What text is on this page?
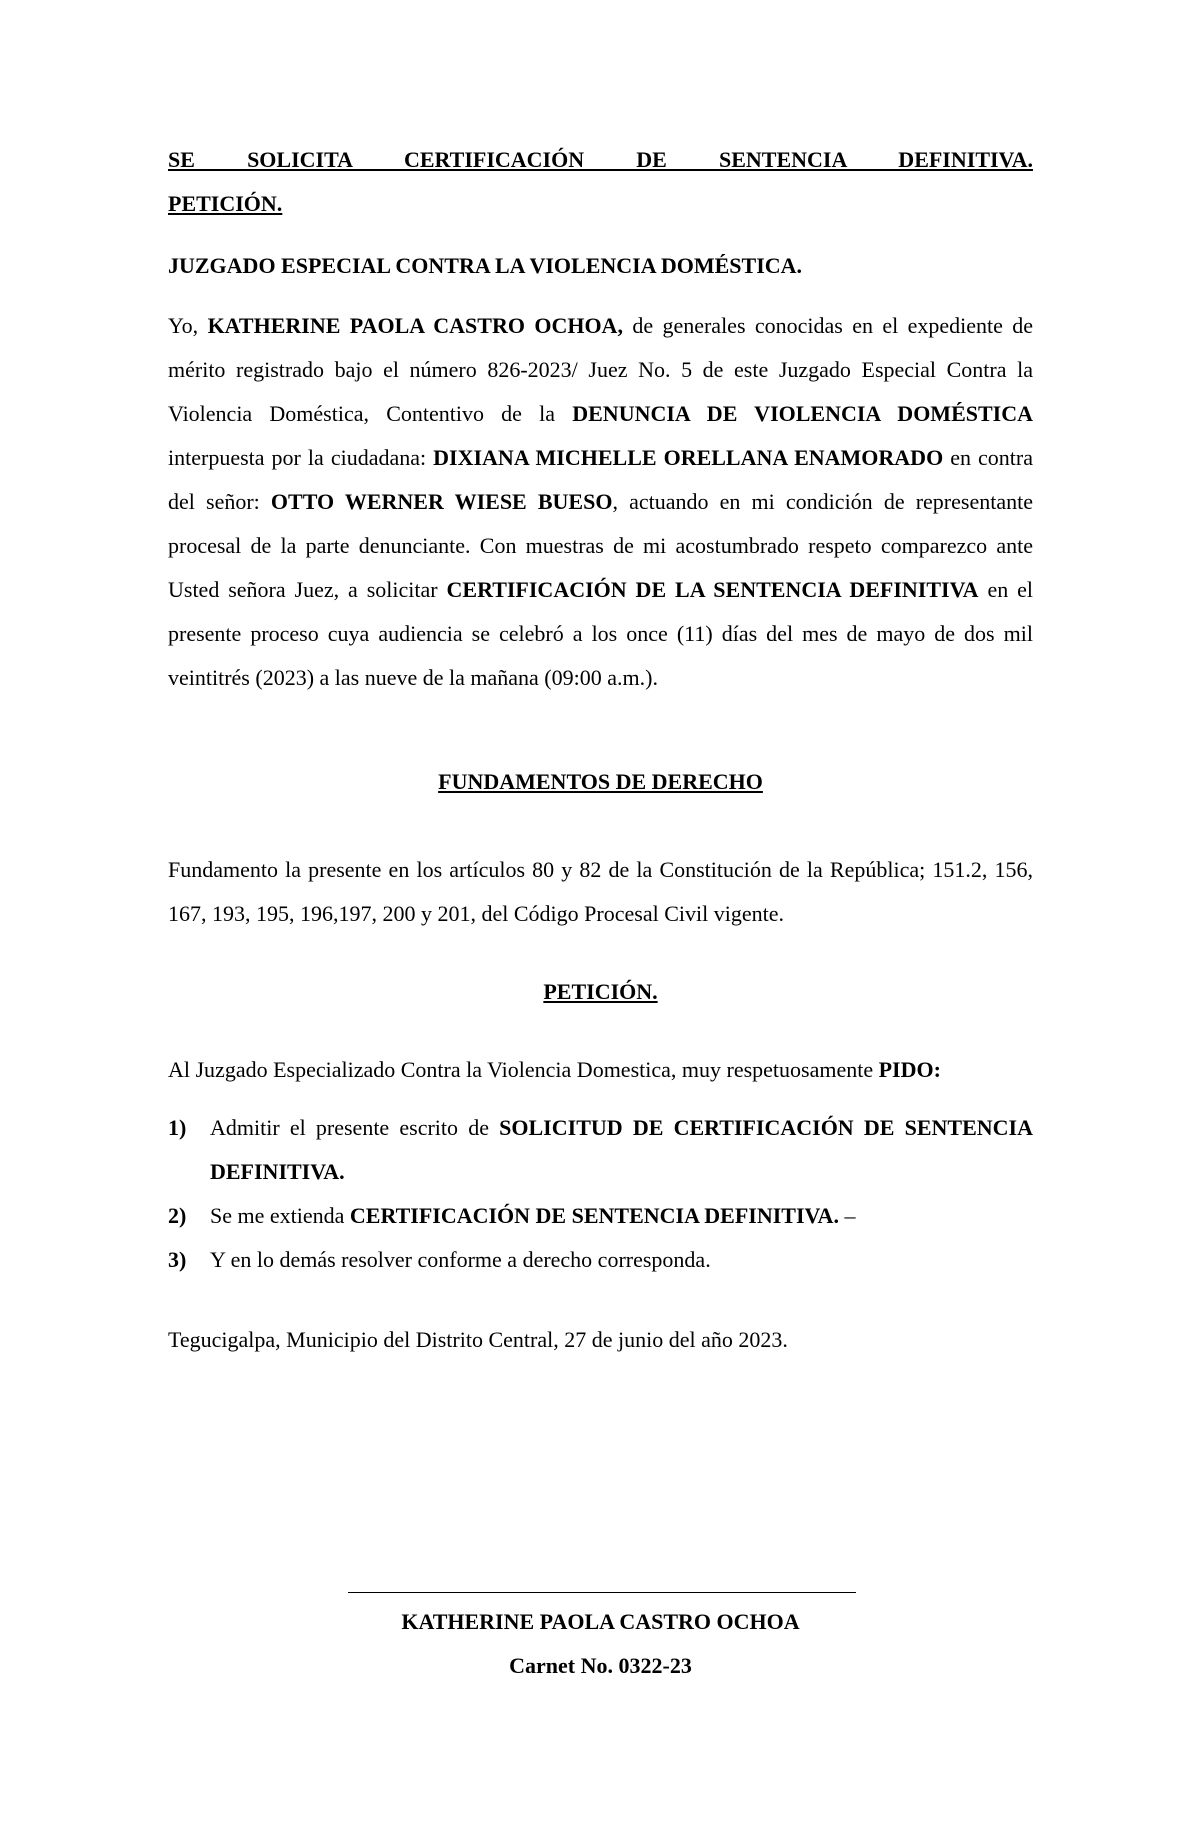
SE SOLICITA CERTIFICACIÓN DE SENTENCIA DEFINITIVA.

PETICIÓN.

JUZGADO ESPECIAL CONTRA LA VIOLENCIA DOMÉSTICA.

Yo, KATHERINE PAOLA CASTRO OCHOA, de generales conocidas en el expediente de mérito registrado bajo el número 826-2023/ Juez No. 5 de este Juzgado Especial Contra la Violencia Doméstica, Contentivo de la DENUNCIA DE VIOLENCIA DOMÉSTICA interpuesta por la ciudadana: DIXIANA MICHELLE ORELLANA ENAMORADO en contra del señor: OTTO WERNER WIESE BUESO, actuando en mi condición de representante procesal de la parte denunciante. Con muestras de mi acostumbrado respeto comparezco ante Usted señora Juez, a solicitar CERTIFICACIÓN DE LA SENTENCIA DEFINITIVA en el presente proceso cuya audiencia se celebró a los once (11) días del mes de mayo de dos mil veintitrés (2023) a las nueve de la mañana (09:00 a.m.).

FUNDAMENTOS DE DERECHO

Fundamento la presente en los artículos 80 y 82 de la Constitución de la República; 151.2, 156, 167, 193, 195, 196,197, 200 y 201, del Código Procesal Civil vigente.

PETICIÓN.

Al Juzgado Especializado Contra la Violencia Domestica, muy respetuosamente PIDO:

1)	Admitir el presente escrito de SOLICITUD DE CERTIFICACIÓN DE SENTENCIA DEFINITIVA.
2)	Se me extienda CERTIFICACIÓN DE SENTENCIA DEFINITIVA. –
3)	Y en lo demás resolver conforme a derecho corresponda.

Tegucigalpa, Municipio del Distrito Central, 27 de junio del año 2023.

KATHERINE PAOLA CASTRO OCHOA
Carnet No. 0322-23
